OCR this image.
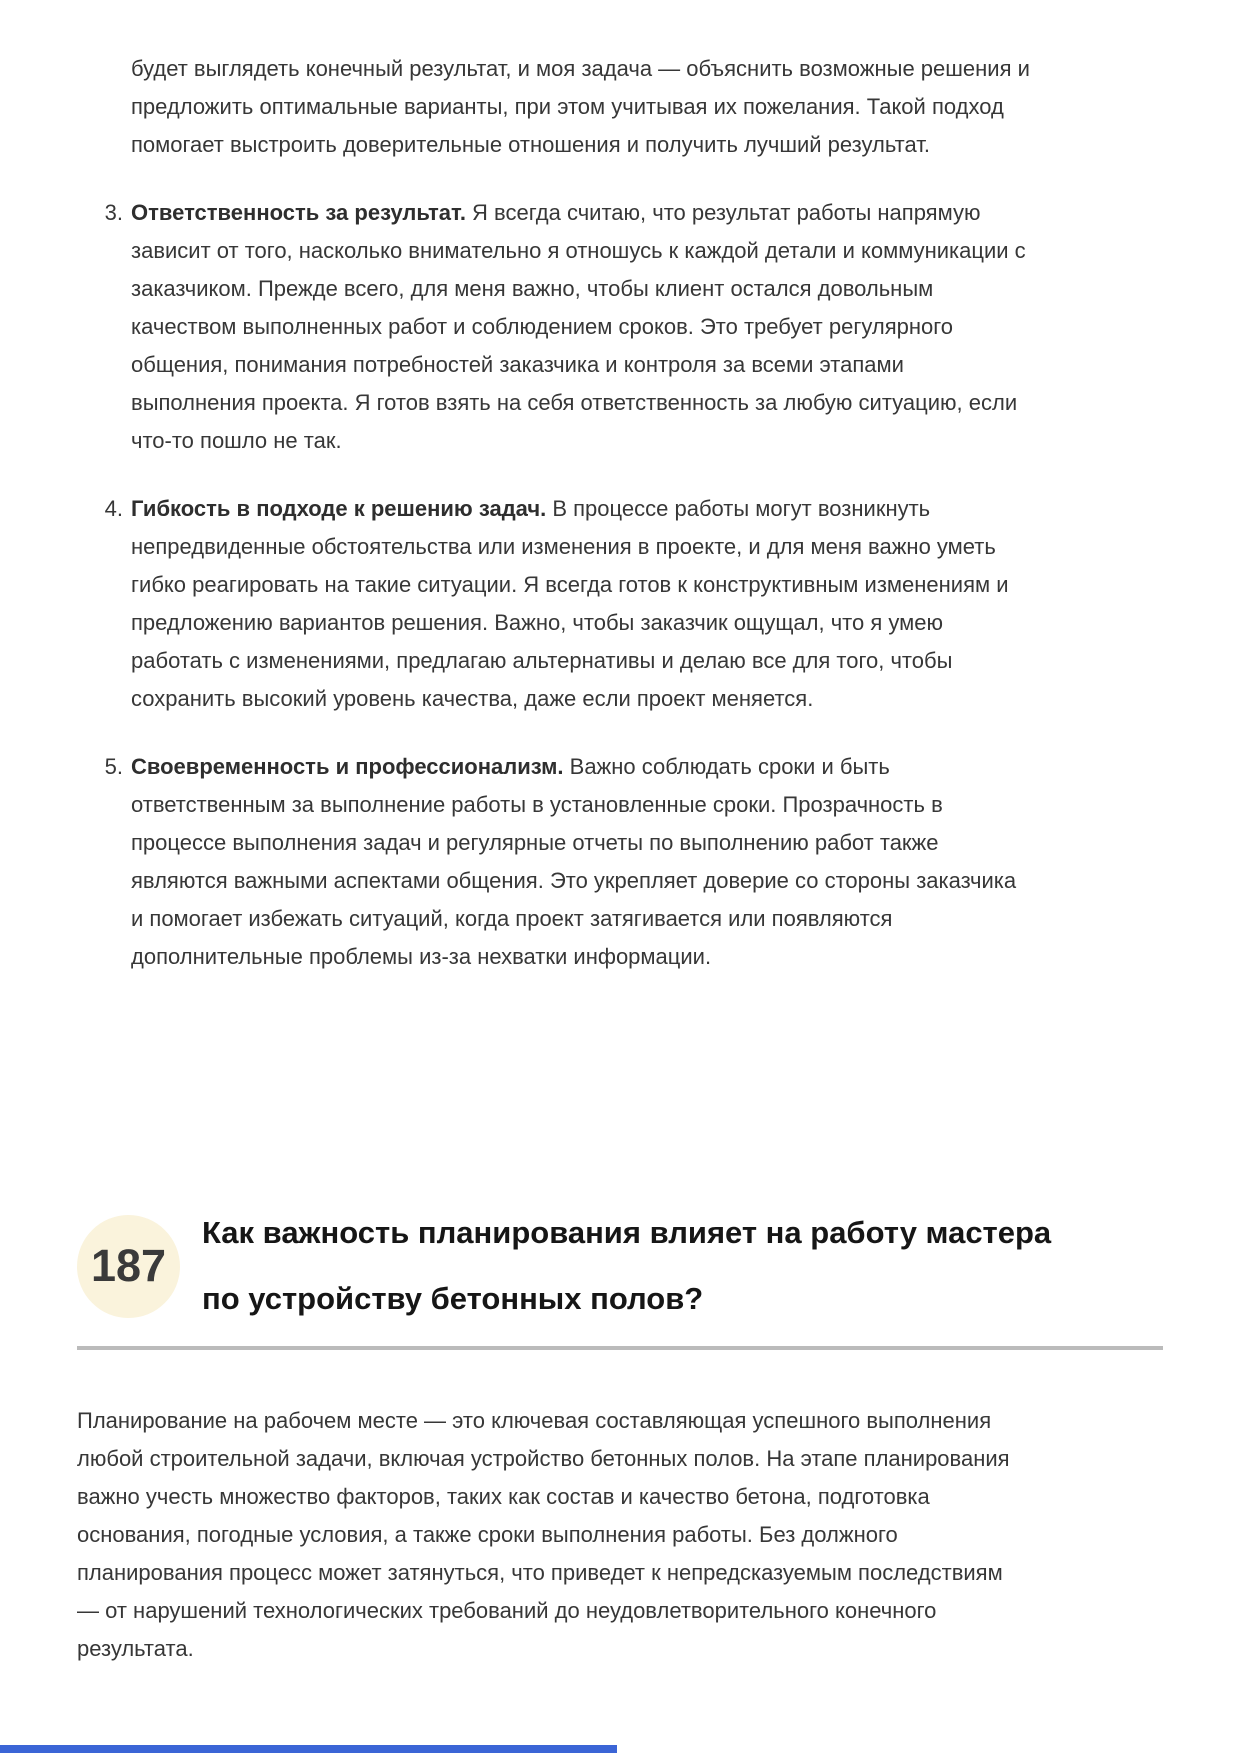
будет выглядеть конечный результат, и моя задача — объяснить возможные решения и предложить оптимальные варианты, при этом учитывая их пожелания. Такой подход помогает выстроить доверительные отношения и получить лучший результат.

3. Ответственность за результат. Я всегда считаю, что результат работы напрямую зависит от того, насколько внимательно я отношусь к каждой детали и коммуникации с заказчиком. Прежде всего, для меня важно, чтобы клиент остался довольным качеством выполненных работ и соблюдением сроков. Это требует регулярного общения, понимания потребностей заказчика и контроля за всеми этапами выполнения проекта. Я готов взять на себя ответственность за любую ситуацию, если что-то пошло не так.
4. Гибкость в подходе к решению задач. В процессе работы могут возникнуть непредвиденные обстоятельства или изменения в проекте, и для меня важно уметь гибко реагировать на такие ситуации. Я всегда готов к конструктивным изменениям и предложению вариантов решения. Важно, чтобы заказчик ощущал, что я умею работать с изменениями, предлагаю альтернативы и делаю все для того, чтобы сохранить высокий уровень качества, даже если проект меняется.
5. Своевременность и профессионализм. Важно соблюдать сроки и быть ответственным за выполнение работы в установленные сроки. Прозрачность в процессе выполнения задач и регулярные отчеты по выполнению работ также являются важными аспектами общения. Это укрепляет доверие со стороны заказчика и помогает избежать ситуаций, когда проект затягивается или появляются дополнительные проблемы из-за нехватки информации.
187
Как важность планирования влияет на работу мастера по устройству бетонных полов?

Планирование на рабочем месте — это ключевая составляющая успешного выполнения любой строительной задачи, включая устройство бетонных полов. На этапе планирования важно учесть множество факторов, таких как состав и качество бетона, подготовка основания, погодные условия, а также сроки выполнения работы. Без должного планирования процесс может затянуться, что приведет к непредсказуемым последствиям — от нарушений технологических требований до неудовлетворительного конечного результата.
